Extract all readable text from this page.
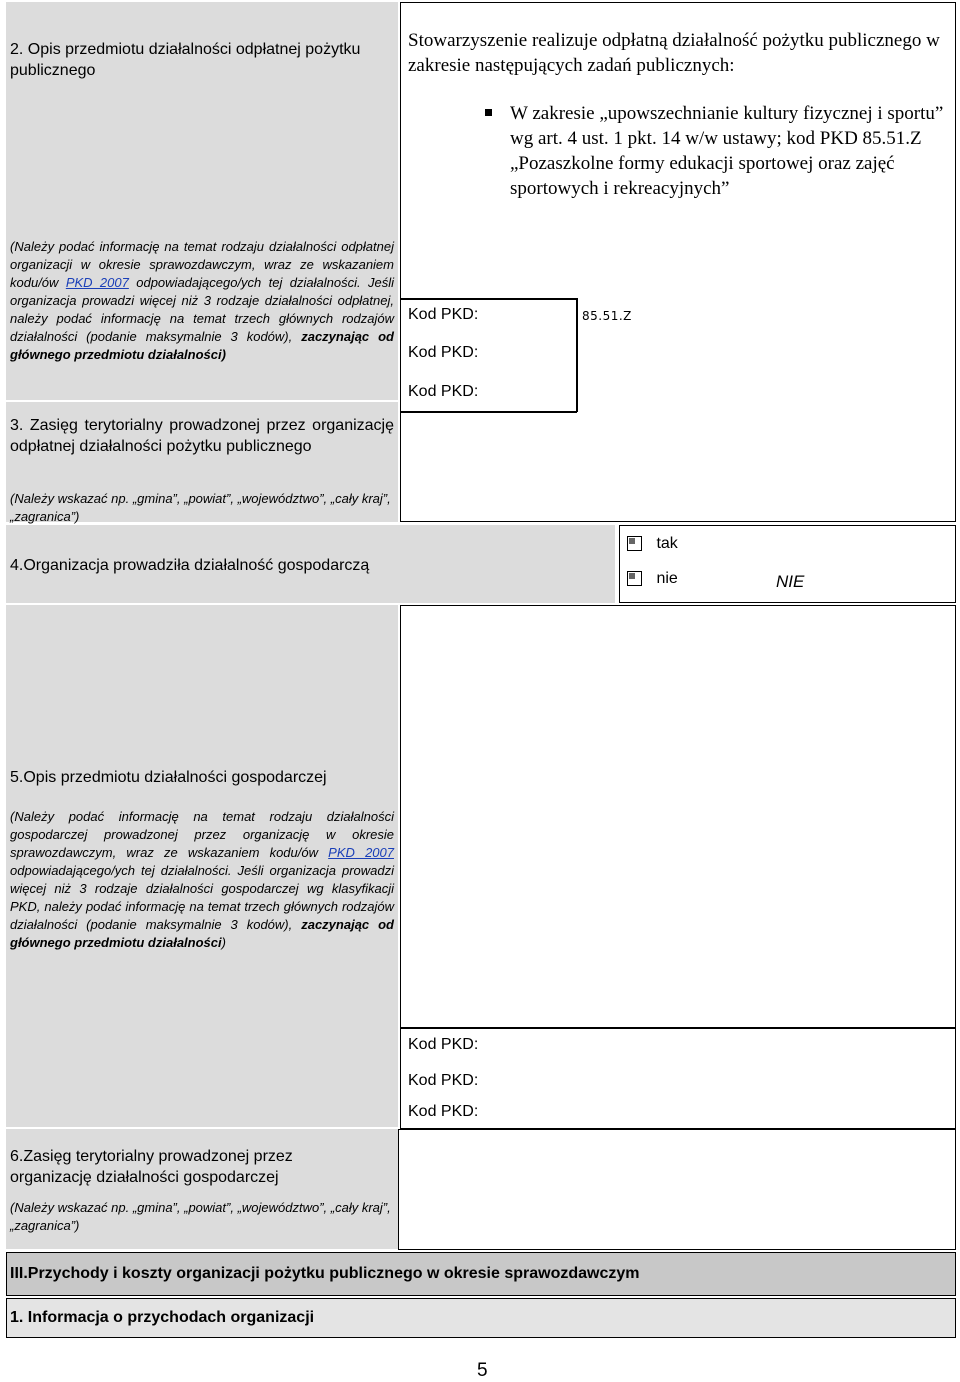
2. Opis przedmiotu działalności odpłatnej pożytku publicznego
(Należy podać informację na temat rodzaju działalności odpłatnej organizacji w okresie sprawozdawczym, wraz ze wskazaniem kodu/ów PKD 2007 odpowiadającego/ych tej działalności. Jeśli organizacja prowadzi więcej niż 3 rodzaje działalności odpłatnej, należy podać informację na temat trzech głównych rodzajów działalności (podanie maksymalnie 3 kodów), zaczynając od głównego przedmiotu działalności)
Stowarzyszenie realizuje odpłatną działalność pożytku publicznego w zakresie następujących zadań publicznych:
W zakresie „upowszechnianie kultury fizycznej i sportu” wg art. 4 ust. 1 pkt. 14 w/w ustawy; kod PKD 85.51.Z „Pozaszkolne formy edukacji sportowej oraz zajęć sportowych i rekreacyjnych”
Kod PKD:	85.51.Z
Kod PKD:
Kod PKD:
3. Zasięg terytorialny prowadzonej przez organizację odpłatnej działalności pożytku publicznego
(Należy wskazać np. „gmina”, „powiat”, „województwo”, „cały kraj”, „zagranica”)
4.Organizacja prowadziła działalność gospodarczą
tak
nie	NIE
5.Opis przedmiotu działalności gospodarczej
(Należy podać informację na temat rodzaju działalności gospodarczej prowadzonej przez organizację w okresie sprawozdawczym, wraz ze wskazaniem kodu/ów PKD 2007 odpowiadającego/ych tej działalności. Jeśli organizacja prowadzi więcej niż 3 rodzaje działalności gospodarczej wg klasyfikacji PKD, należy podać informację na temat trzech głównych rodzajów działalności (podanie maksymalnie 3 kodów), zaczynając od głównego przedmiotu działalności)
Kod PKD:
Kod PKD:
Kod PKD:
6.Zasięg terytorialny prowadzonej przez organizację działalności gospodarczej
(Należy wskazać np. „gmina”, „powiat”, „województwo”, „cały kraj”, „zagranica”)
III.Przychody i koszty organizacji pożytku publicznego w okresie sprawozdawczym
1. Informacja o przychodach organizacji
5
